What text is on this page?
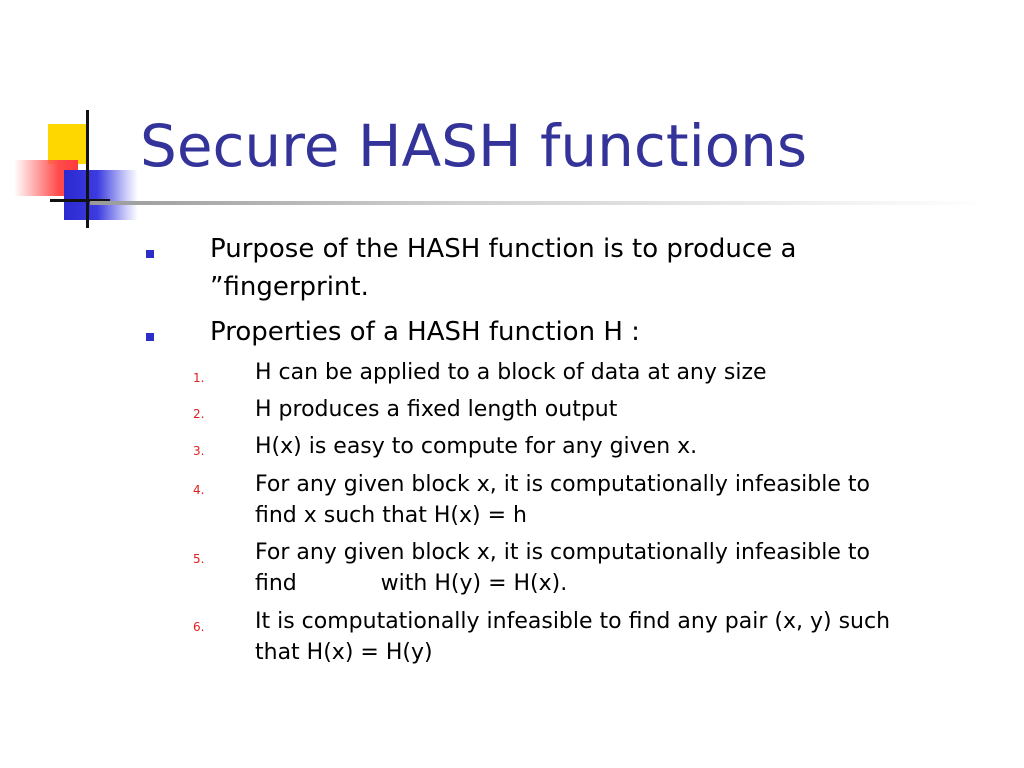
Secure HASH functions
Purpose of the HASH function is to produce a
”fingerprint.
Properties of a HASH function H :
1. H can be applied to a block of data at any size
2. H produces a fixed length output
3. H(x) is easy to compute for any given x.
4. For any given block x, it is computationally infeasible to
find x such that H(x) = h
5. For any given block x, it is computationally infeasible to
find            with H(y) = H(x).
6. It is computationally infeasible to find any pair (x, y) such
that H(x) = H(y)
